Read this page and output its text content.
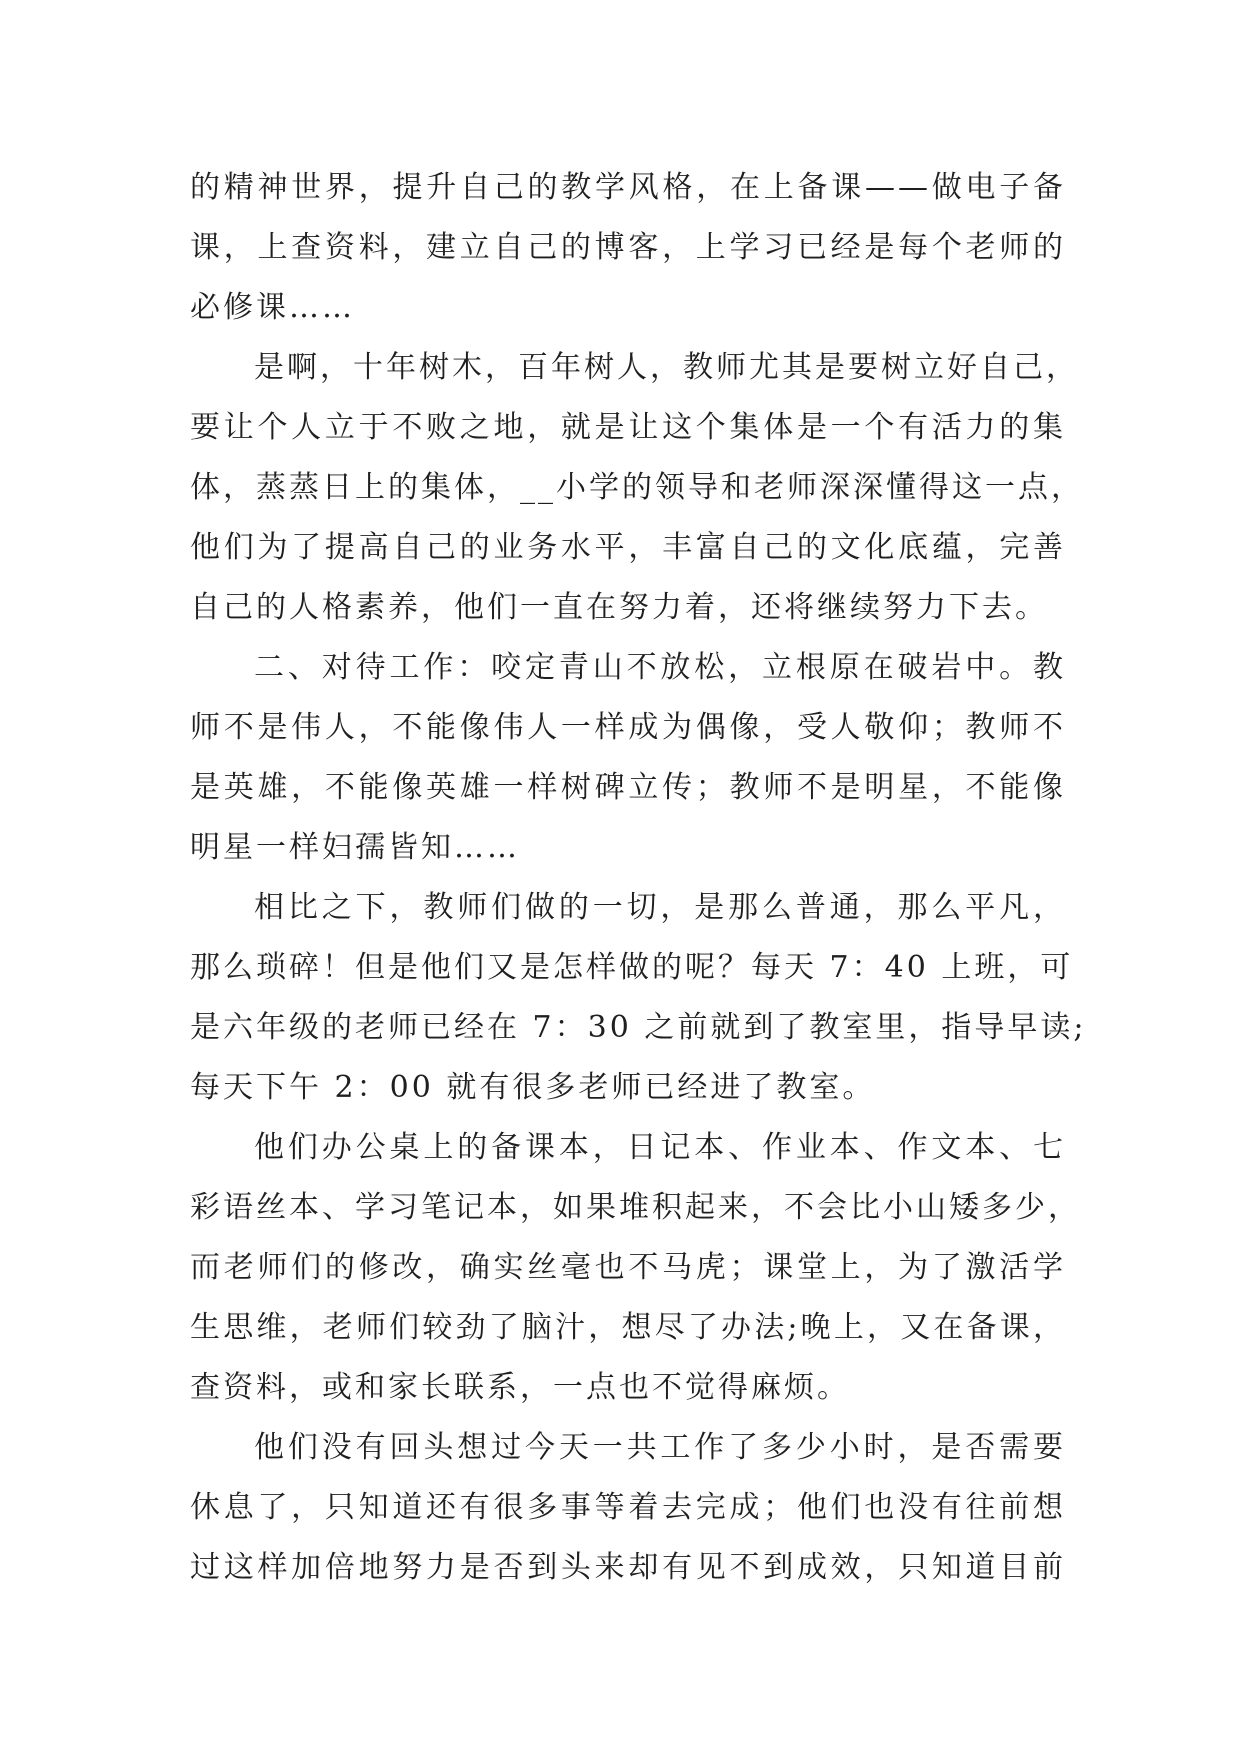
的精神世界，提升自己的教学风格，在上备课——做电子备
课，上查资料，建立自己的博客，上学习已经是每个老师的
必修课……
是啊，十年树木，百年树人，教师尤其是要树立好自己，
要让个人立于不败之地，就是让这个集体是一个有活力的集
体，蒸蒸日上的集体，__小学的领导和老师深深懂得这一点，
他们为了提高自己的业务水平，丰富自己的文化底蕴，完善
自己的人格素养，他们一直在努力着，还将继续努力下去。
二、对待工作：咬定青山不放松，立根原在破岩中。教
师不是伟人，不能像伟人一样成为偶像，受人敬仰；教师不
是英雄，不能像英雄一样树碑立传；教师不是明星，不能像
明星一样妇孺皆知……
相比之下，教师们做的一切，是那么普通，那么平凡，
那么琐碎！但是他们又是怎样做的呢？每天 7：40 上班，可
是六年级的老师已经在 7：30 之前就到了教室里，指导早读;
每天下午 2：00 就有很多老师已经进了教室。
他们办公桌上的备课本，日记本、作业本、作文本、七
彩语丝本、学习笔记本，如果堆积起来，不会比小山矮多少，
而老师们的修改，确实丝毫也不马虎；课堂上，为了激活学
生思维，老师们较劲了脑汁，想尽了办法;晚上，又在备课，
查资料，或和家长联系，一点也不觉得麻烦。
他们没有回头想过今天一共工作了多少小时，是否需要
休息了，只知道还有很多事等着去完成；他们也没有往前想
过这样加倍地努力是否到头来却有见不到成效，只知道目前
